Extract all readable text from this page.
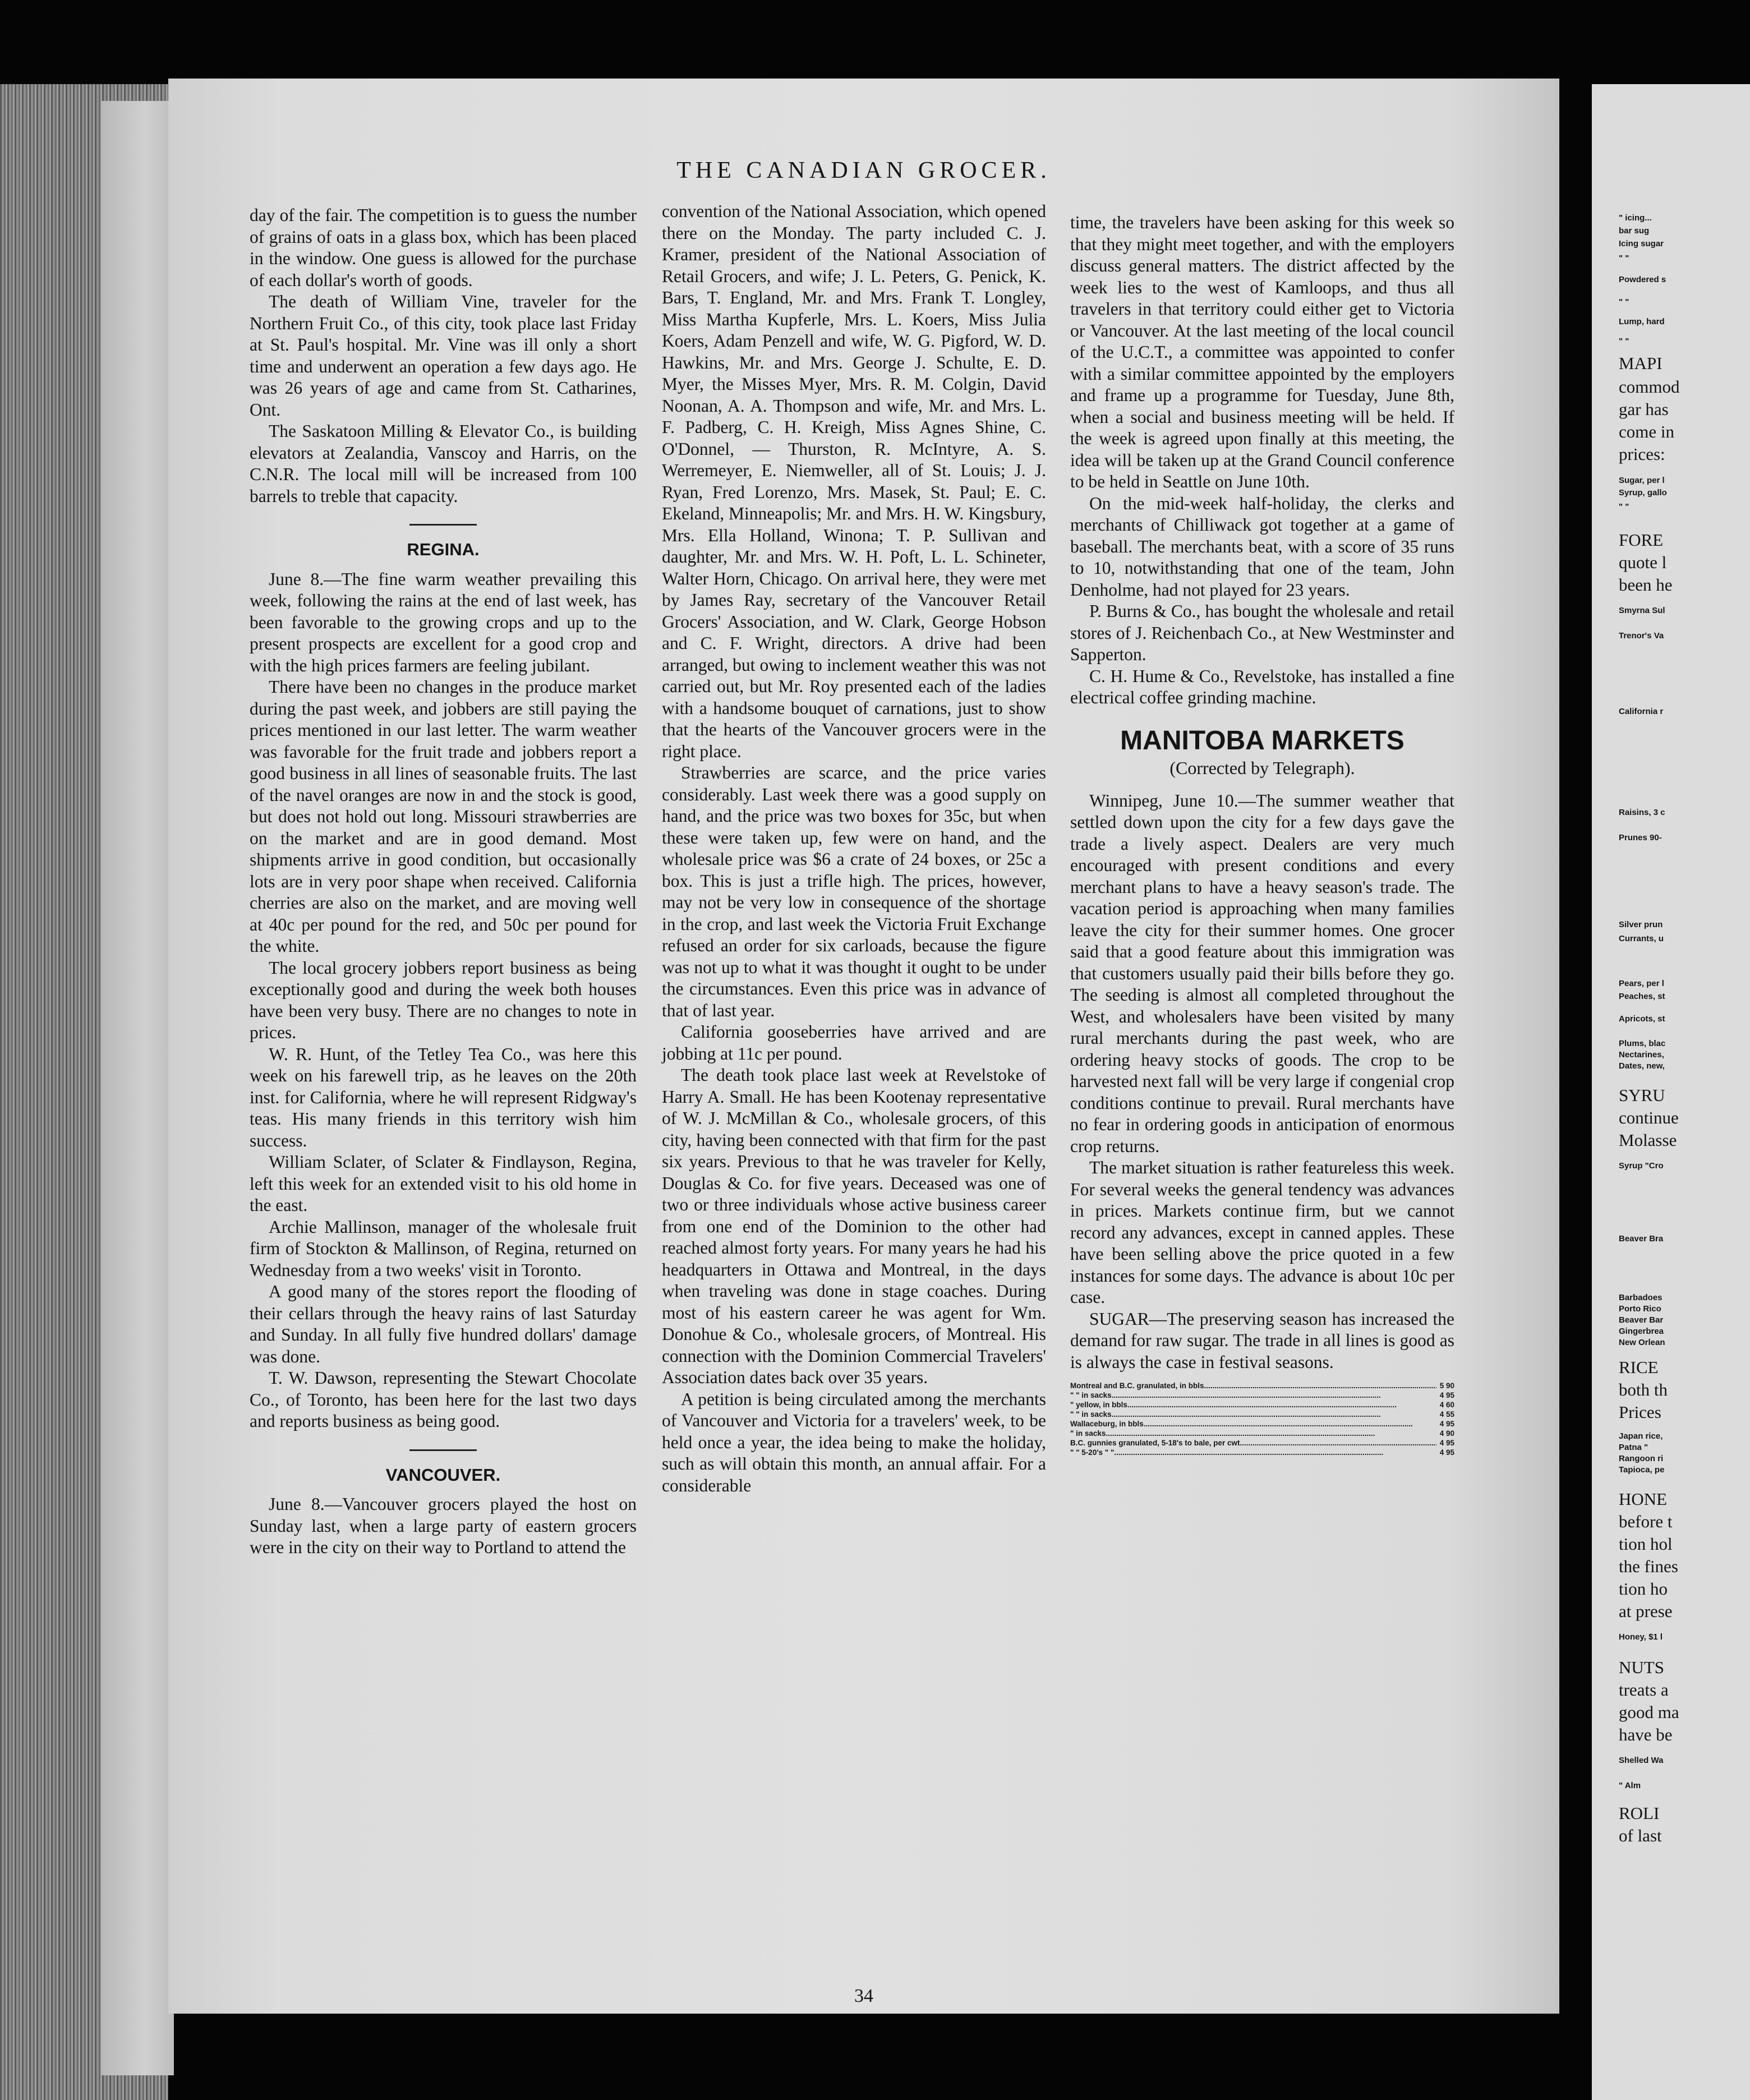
THE CANADIAN GROCER.

day of the fair. The competition is to guess the number of grains of oats in a glass box, which has been placed in the window. One guess is allowed for the purchase of each dollar's worth of goods.

The death of William Vine, traveler for the Northern Fruit Co., of this city, took place last Friday at St. Paul's hospital. Mr. Vine was ill only a short time and underwent an operation a few days ago. He was 26 years of age and came from St. Catharines, Ont.

The Saskatoon Milling & Elevator Co., is building elevators at Zealandia, Vanscoy and Harris, on the C.N.R. The local mill will be increased from 100 barrels to treble that capacity.

REGINA.

June 8.—The fine warm weather prevailing this week, following the rains at the end of last week, has been favorable to the growing crops and up to the present prospects are excellent for a good crop and with the high prices farmers are feeling jubilant.

There have been no changes in the produce market during the past week, and jobbers are still paying the prices mentioned in our last letter. The warm weather was favorable for the fruit trade and jobbers report a good business in all lines of seasonable fruits. The last of the navel oranges are now in and the stock is good, but does not hold out long. Missouri strawberries are on the market and are in good demand. Most shipments arrive in good condition, but occasionally lots are in very poor shape when received. California cherries are also on the market, and are moving well at 40c per pound for the red, and 50c per pound for the white.

The local grocery jobbers report business as being exceptionally good and during the week both houses have been very busy. There are no changes to note in prices.

W. R. Hunt, of the Tetley Tea Co., was here this week on his farewell trip, as he leaves on the 20th inst. for California, where he will represent Ridgway's teas. His many friends in this territory wish him success.

William Sclater, of Sclater & Findlayson, Regina, left this week for an extended visit to his old home in the east.

Archie Mallinson, manager of the wholesale fruit firm of Stockton & Mallinson, of Regina, returned on Wednesday from a two weeks' visit in Toronto.

A good many of the stores report the flooding of their cellars through the heavy rains of last Saturday and Sunday. In all fully five hundred dollars' damage was done.

T. W. Dawson, representing the Stewart Chocolate Co., of Toronto, has been here for the last two days and reports business as being good.

VANCOUVER.

June 8.—Vancouver grocers played the host on Sunday last, when a large party of eastern grocers were in the city on their way to Portland to attend the

convention of the National Association, which opened there on the Monday. The party included C. J. Kramer, president of the National Association of Retail Grocers, and wife; J. L. Peters, G. Penick, K. Bars, T. England, Mr. and Mrs. Frank T. Longley, Miss Martha Kupferle, Mrs. L. Koers, Miss Julia Koers, Adam Penzell and wife, W. G. Pigford, W. D. Hawkins, Mr. and Mrs. George J. Schulte, E. D. Myer, the Misses Myer, Mrs. R. M. Colgin, David Noonan, A. A. Thompson and wife, Mr. and Mrs. L. F. Padberg, C. H. Kreigh, Miss Agnes Shine, C. O'Donnel, — Thurston, R. McIntyre, A. S. Werremeyer, E. Niemweller, all of St. Louis; J. J. Ryan, Fred Lorenzo, Mrs. Masek, St. Paul; E. C. Ekeland, Minneapolis; Mr. and Mrs. H. W. Kingsbury, Mrs. Ella Holland, Winona; T. P. Sullivan and daughter, Mr. and Mrs. W. H. Poft, L. L. Schineter, Walter Horn, Chicago. On arrival here, they were met by James Ray, secretary of the Vancouver Retail Grocers' Association, and W. Clark, George Hobson and C. F. Wright, directors. A drive had been arranged, but owing to inclement weather this was not carried out, but Mr. Roy presented each of the ladies with a handsome bouquet of carnations, just to show that the hearts of the Vancouver grocers were in the right place.

Strawberries are scarce, and the price varies considerably. Last week there was a good supply on hand, and the price was two boxes for 35c, but when these were taken up, few were on hand, and the wholesale price was $6 a crate of 24 boxes, or 25c a box. This is just a trifle high. The prices, however, may not be very low in consequence of the shortage in the crop, and last week the Victoria Fruit Exchange refused an order for six carloads, because the figure was not up to what it was thought it ought to be under the circumstances. Even this price was in advance of that of last year.

California gooseberries have arrived and are jobbing at 11c per pound.

The death took place last week at Revelstoke of Harry A. Small. He has been Kootenay representative of W. J. McMillan & Co., wholesale grocers, of this city, having been connected with that firm for the past six years. Previous to that he was traveler for Kelly, Douglas & Co. for five years. Deceased was one of two or three individuals whose active business career from one end of the Dominion to the other had reached almost forty years. For many years he had his headquarters in Ottawa and Montreal, in the days when traveling was done in stage coaches. During most of his eastern career he was agent for Wm. Donohue & Co., wholesale grocers, of Montreal. His connection with the Dominion Commercial Travelers' Association dates back over 35 years.

A petition is being circulated among the merchants of Vancouver and Victoria for a travelers' week, to be held once a year, the idea being to make the holiday, such as will obtain this month, an annual affair. For a considerable

time, the travelers have been asking for this week so that they might meet together, and with the employers discuss general matters. The district affected by the week lies to the west of Kamloops, and thus all travelers in that territory could either get to Victoria or Vancouver. At the last meeting of the local council of the U.C.T., a committee was appointed to confer with a similar committee appointed by the employers and frame up a programme for Tuesday, June 8th, when a social and business meeting will be held. If the week is agreed upon finally at this meeting, the idea will be taken up at the Grand Council conference to be held in Seattle on June 10th.

On the mid-week half-holiday, the clerks and merchants of Chilliwack got together at a game of baseball. The merchants beat, with a score of 35 runs to 10, notwithstanding that one of the team, John Denholme, had not played for 23 years.

P. Burns & Co., has bought the wholesale and retail stores of J. Reichenbach Co., at New Westminster and Sapperton.

C. H. Hume & Co., Revelstoke, has installed a fine electrical coffee grinding machine.

MANITOBA MARKETS
(Corrected by Telegraph).

Winnipeg, June 10.—The summer weather that settled down upon the city for a few days gave the trade a lively aspect. Dealers are very much encouraged with present conditions and every merchant plans to have a heavy season's trade. The vacation period is approaching when many families leave the city for their summer homes. One grocer said that a good feature about this immigration was that customers usually paid their bills before they go. The seeding is almost all completed throughout the West, and wholesalers have been visited by many rural merchants during the past week, who are ordering heavy stocks of goods. The crop to be harvested next fall will be very large if congenial crop conditions continue to prevail. Rural merchants have no fear in ordering goods in anticipation of enormous crop returns.

The market situation is rather featureless this week. For several weeks the general tendency was advances in prices. Markets continue firm, but we cannot record any advances, except in canned apples. These have been selling above the price quoted in a few instances for some days. The advance is about 10c per case.

SUGAR—The preserving season has increased the demand for raw sugar. The trade in all lines is good as is always the case in festival seasons.

Montreal and B.C. granulated, in bbls .....	5 90
" " in sacks .....	4 95
" yellow, in bbls .....	4 60
" " in sacks .....	4 55
Wallaceburg, in bbls .....	4 95
" in sacks .....	4 90
B.C. gunnies granulated, 5-18's to bale, per cwt .....	4 95
" " 5-20's " " .....	4 95
34
" icing...
bar sug
Icing sugar
" "
Powdered s
" "
Lump, hard
" "
MAPI
commod
gar has
come in
prices:
Sugar, per l
Syrup, gallo
" "
FORE
quote l
been he
Smyrna Sul
Trenor's Va
California r
Raisins, 3 c
Prunes 90-
Silver prun
Currants, u
Pears, per l
Peaches, st
Apricots, st
Plums, blac
Nectarines,
Dates, new,
SYRU
continue
Molasse
Syrup "Cro
Beaver Bra
Barbadoes
Porto Rico
Beaver Bar
Gingerbrea
New Orlean
RICE
both th
Prices
Japan rice,
Patna "
Rangoon ri
Tapioca, pe
HONE
before t
tion hol
the fines
tion ho
at prese
Honey, $1 l
NUTS
treats a
good ma
have be
Shelled Wa
" Alm
ROLI
of last
